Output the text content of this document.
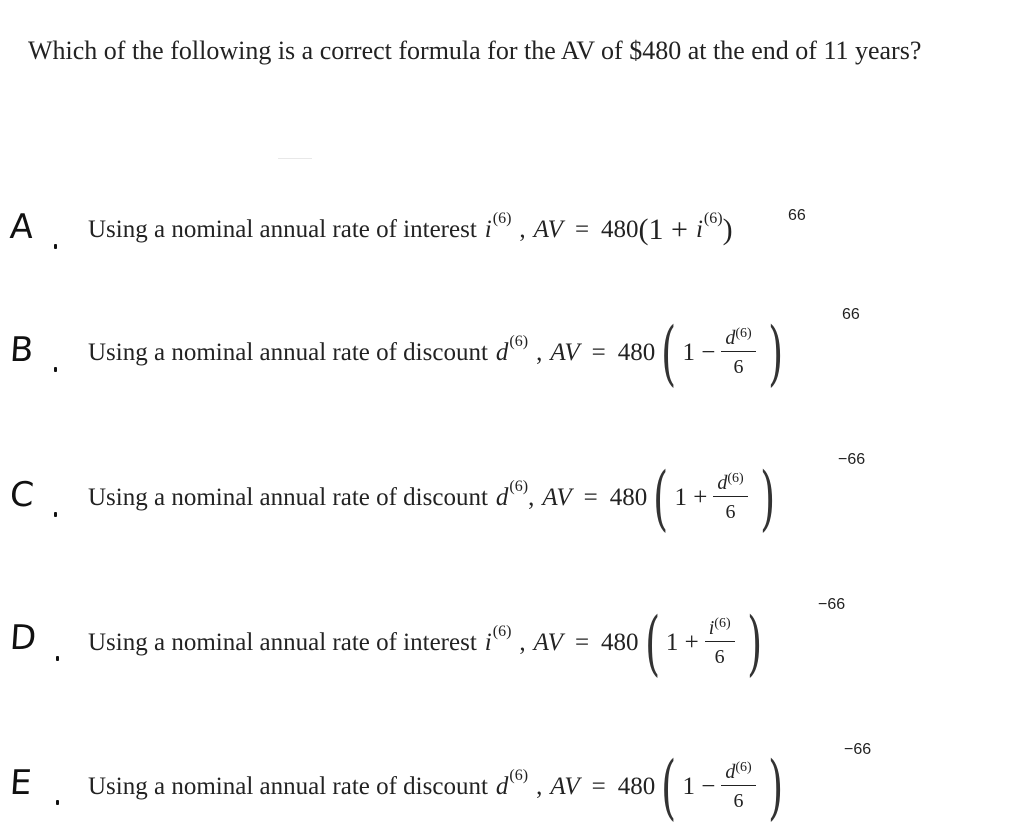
Which of the following is a correct formula for the AV of $480 at the end of 11 years?
A Using a nominal annual rate of interest i (6) , AV = 480 (1 + i (6) )	66
B Using a nominal annual rate of discount d (6) , AV = 480 ( $1 - \frac{d^{(6)}}{6}$ )	66
C Using a nominal annual rate of discount d (6) , AV = 480 ( $1 + \frac{d^{(6)}}{6}$ )	−66
D Using a nominal annual rate of interest i (6) , AV = 480 ( $1 + \frac{i^{(6)}}{6}$ )	−66
E Using a nominal annual rate of discount d (6) , AV = 480 ( $1 - \frac{d^{(6)}}{6}$ )	−66
